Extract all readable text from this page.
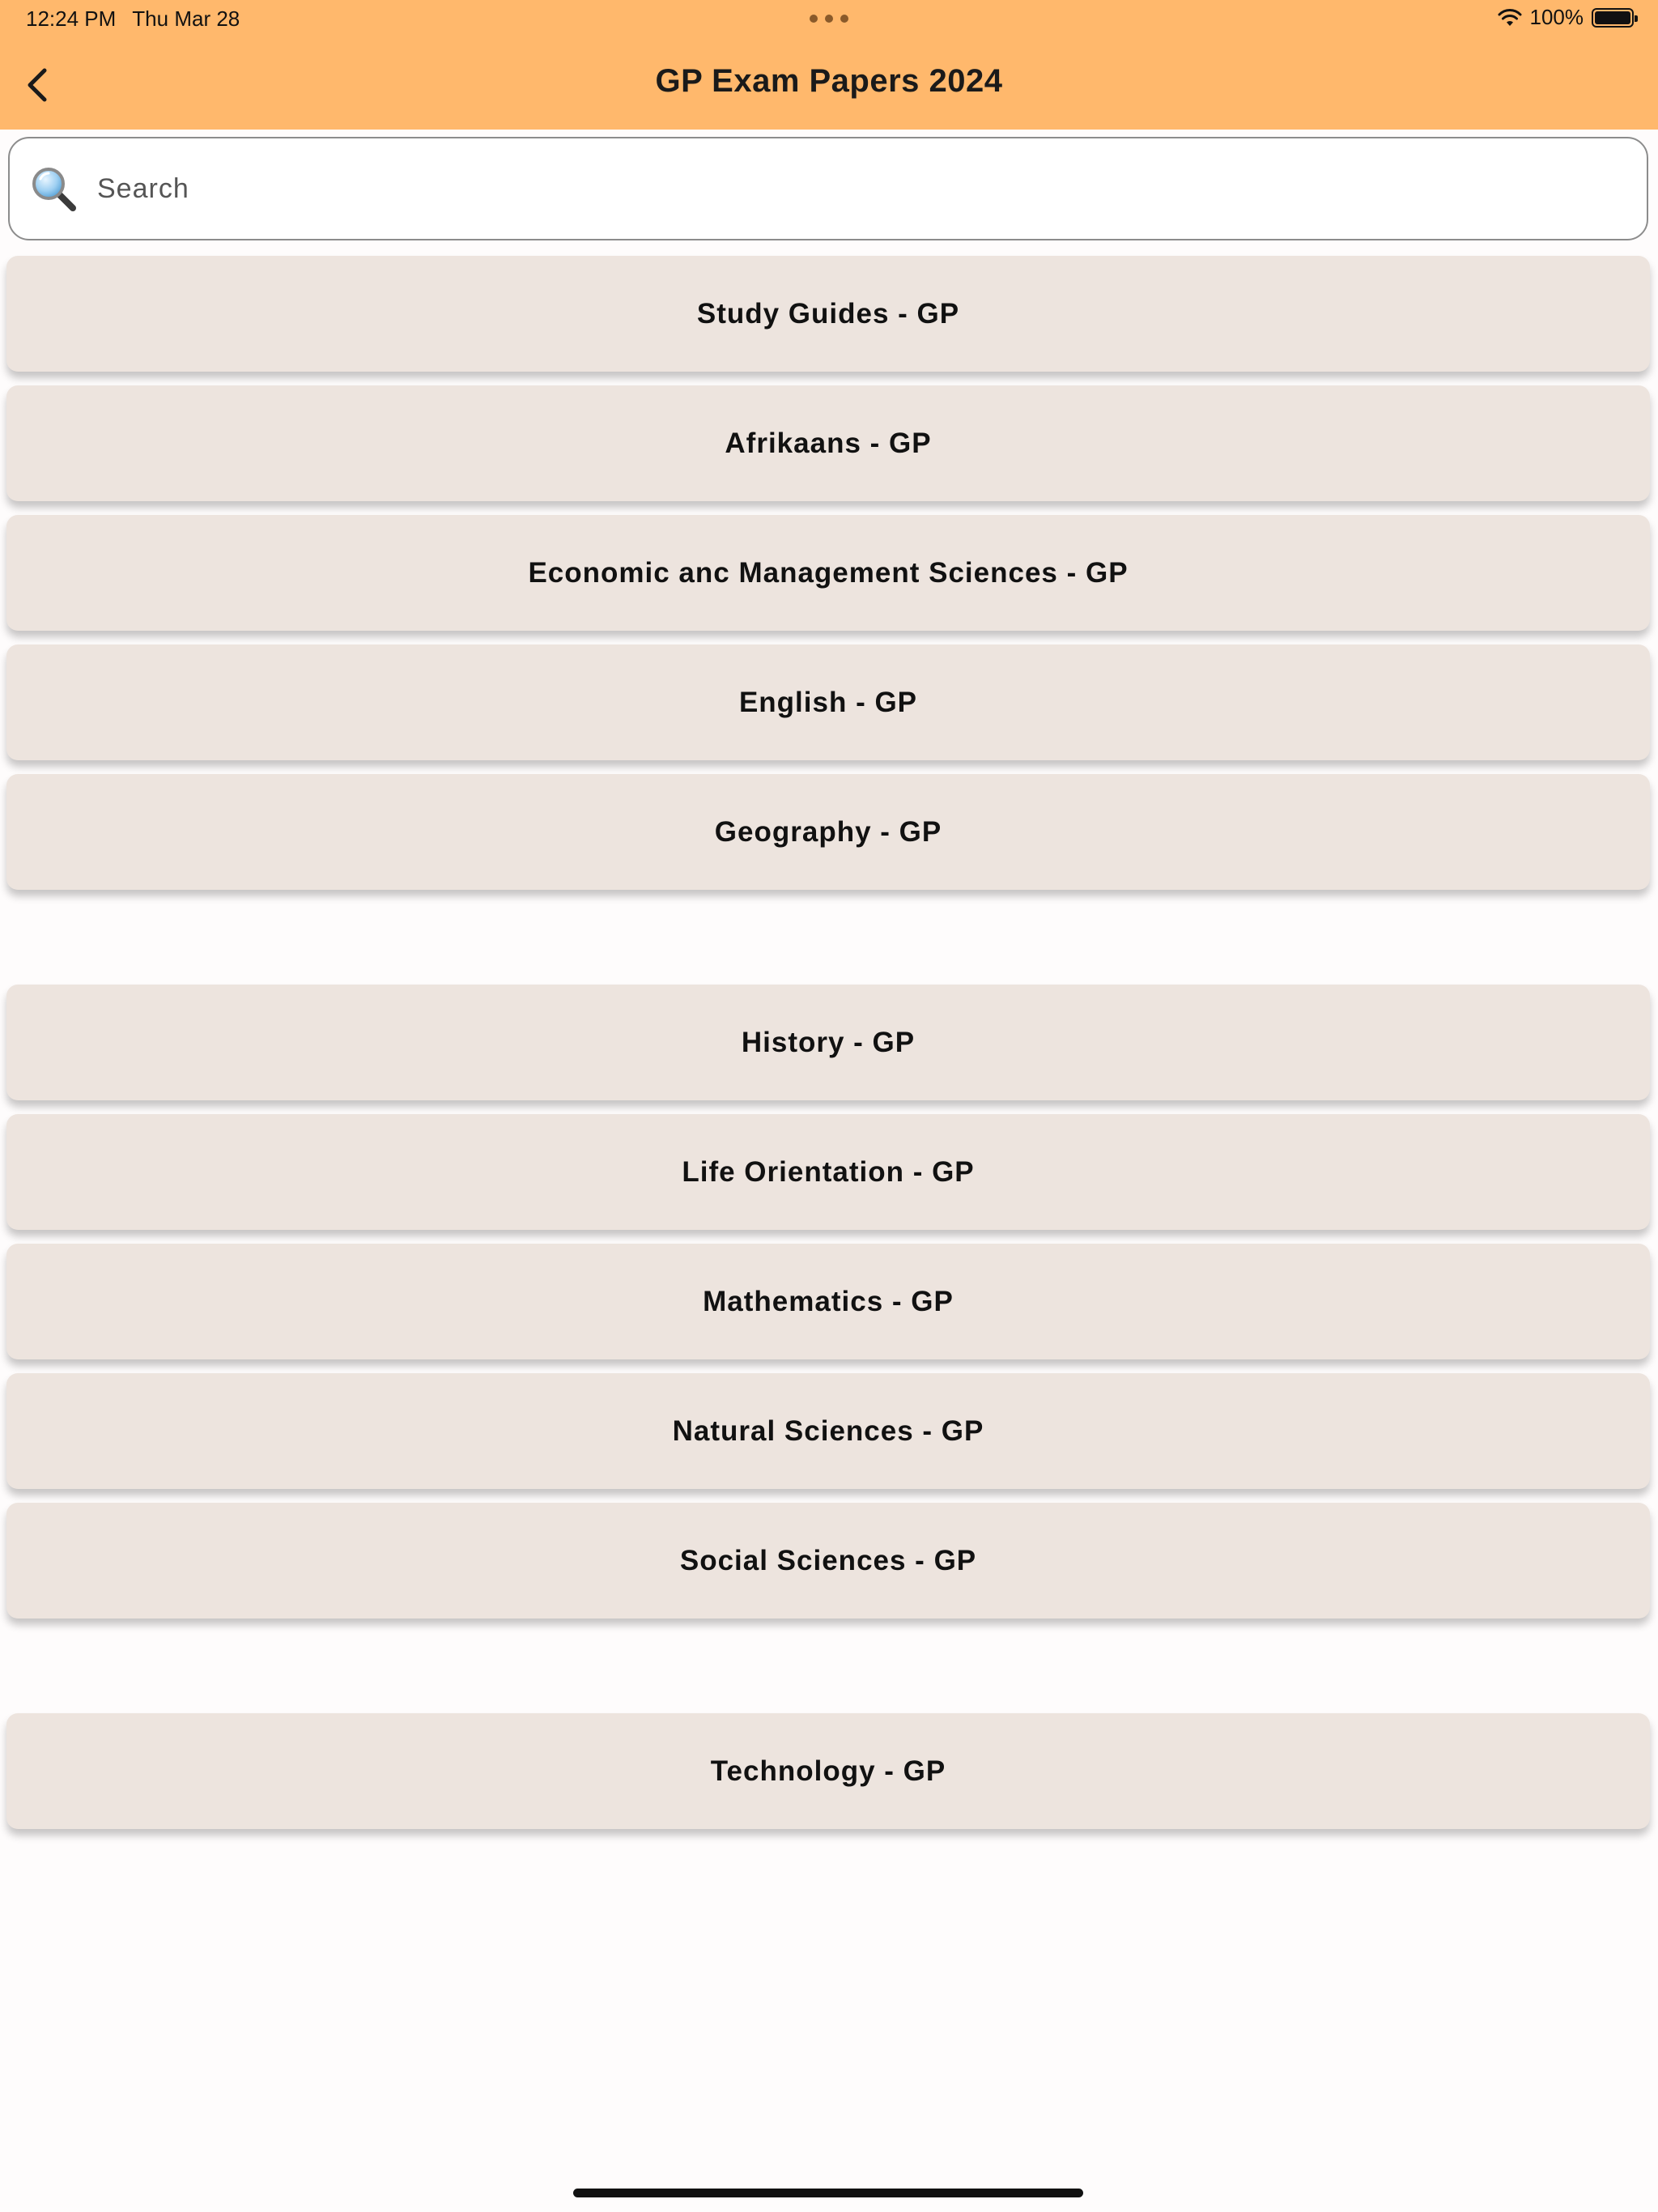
12:24 PM Thu Mar 28	100%
GP Exam Papers 2024
Search
Study Guides - GP
Afrikaans - GP
Economic anc Management Sciences - GP
English - GP
Geography - GP
History - GP
Life Orientation - GP
Mathematics - GP
Natural Sciences - GP
Social Sciences - GP
Technology - GP
